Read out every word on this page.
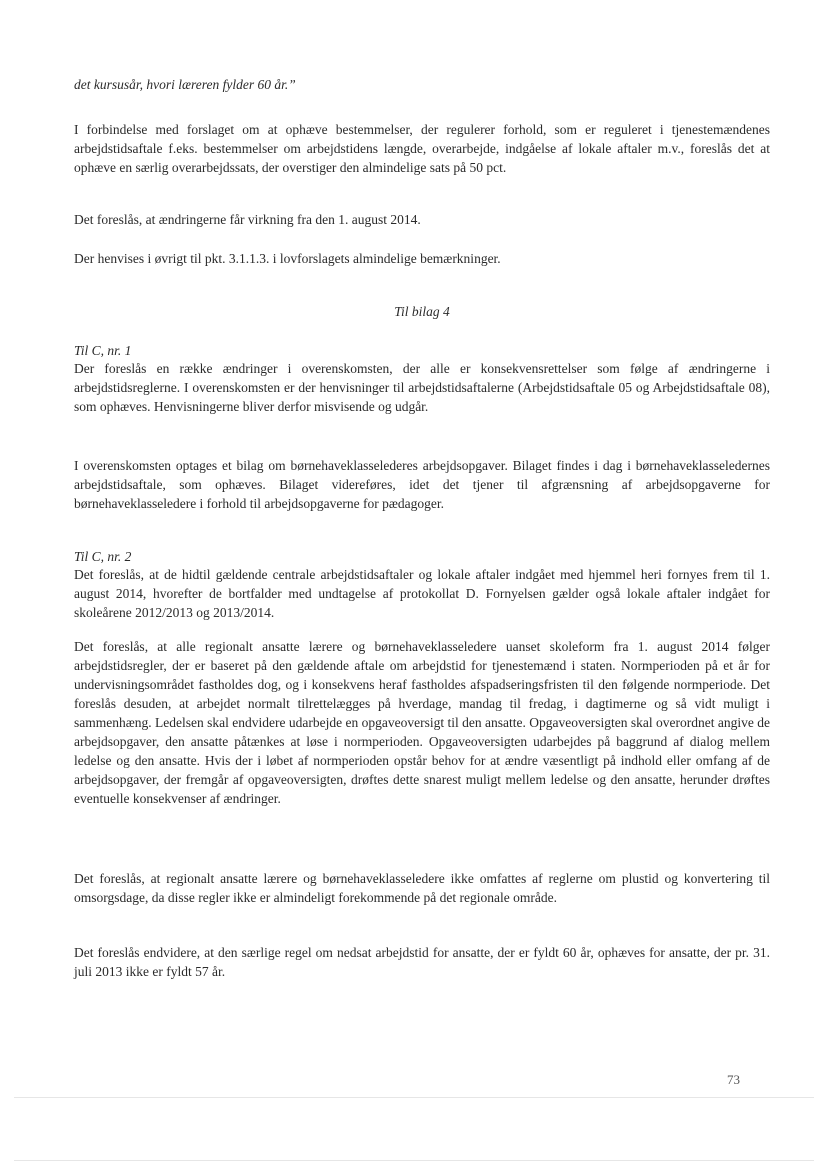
det kursusår, hvori læreren fylder 60 år.”

I forbindelse med forslaget om at ophæve bestemmelser, der regulerer forhold, som er reguleret i tjenestemændenes arbejdstidsaftale f.eks. bestemmelser om arbejdstidens længde, overarbejde, indgåelse af lokale aftaler m.v., foreslås det at ophæve en særlig overarbejdssats, der overstiger den almindelige sats på 50 pct.

Det foreslås, at ændringerne får virkning fra den 1. august 2014.

Der henvises i øvrigt til pkt. 3.1.1.3. i lovforslagets almindelige bemærkninger.

Til bilag 4

Til C, nr. 1

Der foreslås en række ændringer i overenskomsten, der alle er konsekvensrettelser som følge af ændringerne i arbejdstidsreglerne. I overenskomsten er der henvisninger til arbejdstidsaftalerne (Arbejdstidsaftale 05 og Arbejdstidsaftale 08), som ophæves. Henvisningerne bliver derfor misvisende og udgår.

I overenskomsten optages et bilag om børnehaveklasselederes arbejdsopgaver. Bilaget findes i dag i børnehaveklasseledernes arbejdstidsaftale, som ophæves. Bilaget videreføres, idet det tjener til afgrænsning af arbejdsopgaverne for børnehaveklasseledere i forhold til arbejdsopgaverne for pædagoger.

Til C, nr. 2

Det foreslås, at de hidtil gældende centrale arbejdstidsaftaler og lokale aftaler indgået med hjemmel heri fornyes frem til 1. august 2014, hvorefter de bortfalder med undtagelse af protokollat D. Fornyelsen gælder også lokale aftaler indgået for skoleårene 2012/2013 og 2013/2014.

Det foreslås, at alle regionalt ansatte lærere og børnehaveklasseledere uanset skoleform fra 1. august 2014 følger arbejdstidsregler, der er baseret på den gældende aftale om arbejdstid for tjenestemænd i staten. Normperioden på et år for undervisningsområdet fastholdes dog, og i konsekvens heraf fastholdes afspadseringsfristen til den følgende normperiode. Det foreslås desuden, at arbejdet normalt tilrettelægges på hverdage, mandag til fredag, i dagtimerne og så vidt muligt i sammenhæng. Ledelsen skal endvidere udarbejde en opgaveoversigt til den ansatte. Opgaveoversigten skal overordnet angive de arbejdsopgaver, den ansatte påtænkes at løse i normperioden. Opgaveoversigten udarbejdes på baggrund af dialog mellem ledelse og den ansatte. Hvis der i løbet af normperioden opstår behov for at ændre væsentligt på indhold eller omfang af de arbejdsopgaver, der fremgår af opgaveoversigten, drøftes dette snarest muligt mellem ledelse og den ansatte, herunder drøftes eventuelle konsekvenser af ændringer.

Det foreslås, at regionalt ansatte lærere og børnehaveklasseledere ikke omfattes af reglerne om plustid og konvertering til omsorgsdage, da disse regler ikke er almindeligt forekommende på det regionale område.

Det foreslås endvidere, at den særlige regel om nedsat arbejdstid for ansatte, der er fyldt 60 år, ophæves for ansatte, der pr. 31. juli 2013 ikke er fyldt 57 år.

73
